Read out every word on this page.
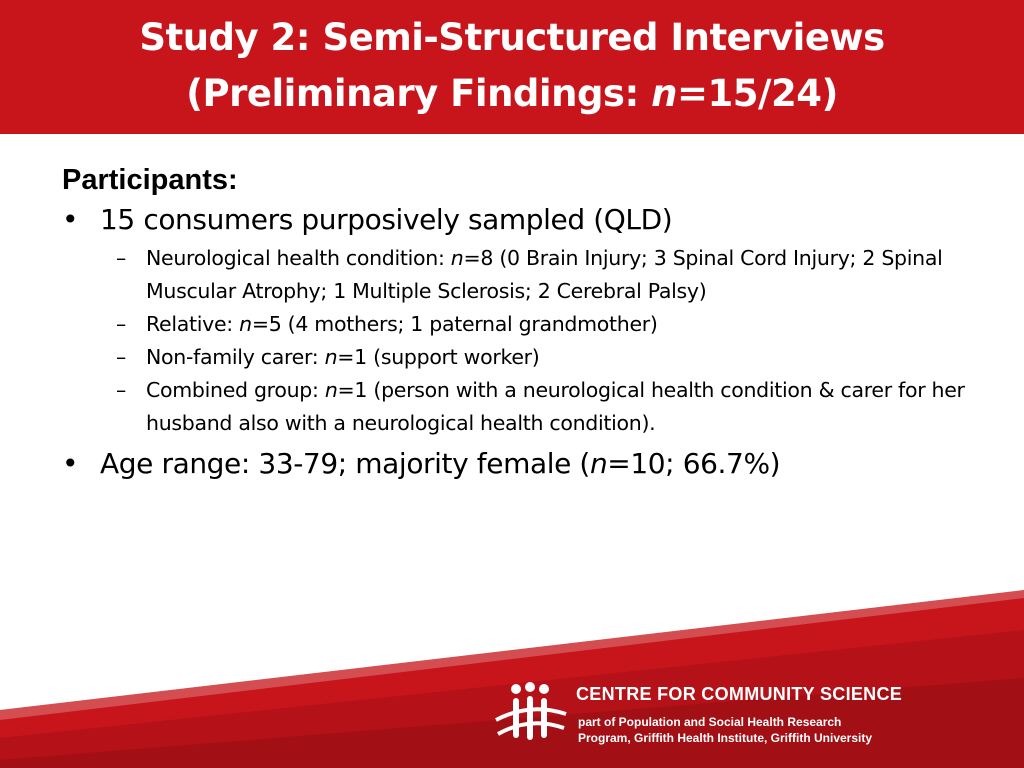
Study 2: Semi-Structured Interviews
(Preliminary Findings: n=15/24)

Participants:

• 15 consumers purposively sampled (QLD)
– Neurological health condition: n=8 (0 Brain Injury; 3 Spinal Cord Injury; 2 Spinal Muscular Atrophy; 1 Multiple Sclerosis; 2 Cerebral Palsy)
– Relative: n=5 (4 mothers; 1 paternal grandmother)
– Non-family carer: n=1 (support worker)
– Combined group: n=1 (person with a neurological health condition & carer for her husband also with a neurological health condition).
• Age range: 33-79; majority female (n=10; 66.7%)
CENTRE FOR COMMUNITY SCIENCE
part of Population and Social Health Research
Program, Griffith Health Institute, Griffith University
